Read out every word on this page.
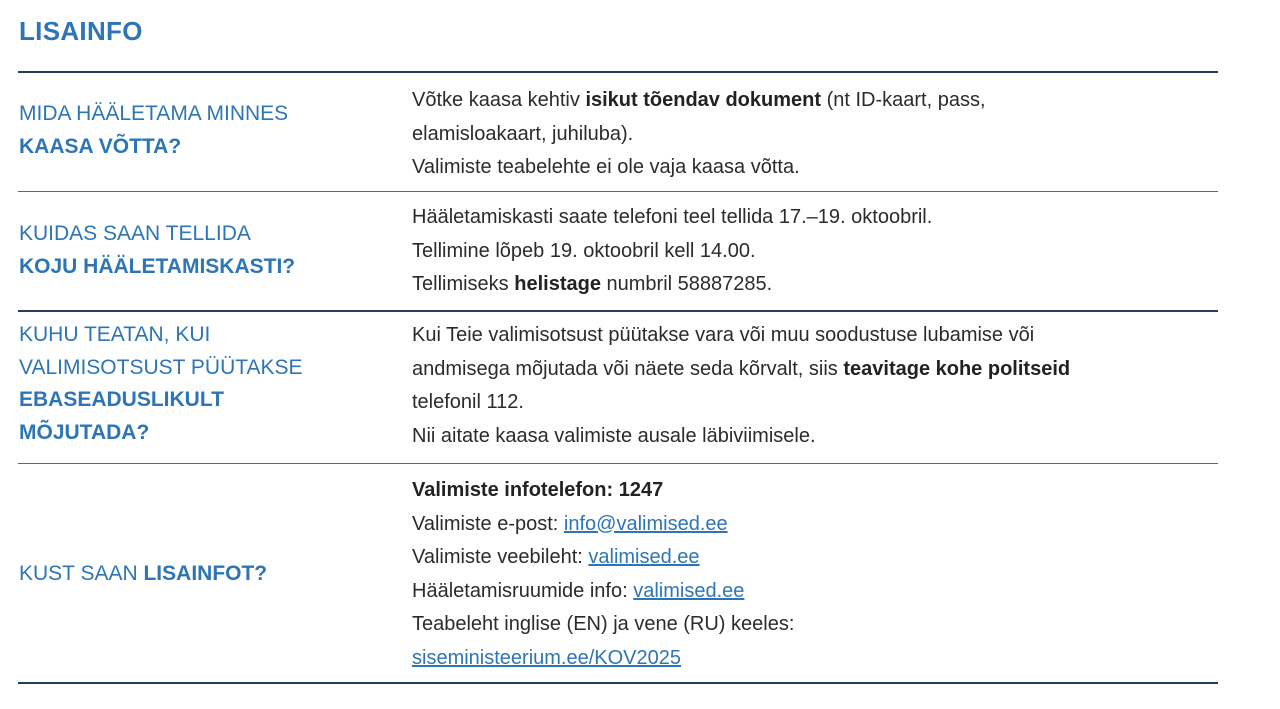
LISAINFO
MIDA HÄÄLETAMA MINNES
KAASA VÕTTA?
Võtke kaasa kehtiv isikut tõendav dokument (nt ID-kaart, pass,
elamisloakaart, juhiluba).
Valimiste teabelehte ei ole vaja kaasa võtta.
KUIDAS SAAN TELLIDA
KOJU HÄÄLETAMISKASTI?
Hääletamiskasti saate telefoni teel tellida 17.–19. oktoobril.
Tellimine lõpeb 19. oktoobril kell 14.00.
Tellimiseks helistage numbril 58887285.
KUHU TEATAN, KUI
VALIMISOTSUST PÜÜTAKSE
EBASEADUSLIKULT
MÕJUTADA?
Kui Teie valimisotsust püütakse vara või muu soodustuse lubamise või
andmisega mõjutada või näete seda kõrvalt, siis teavitage kohe politseid
telefonil 112.
Nii aitate kaasa valimiste ausale läbiviimisele.
KUST SAAN LISAINFOT?
Valimiste infotelefon: 1247
Valimiste e-post: info@valimised.ee
Valimiste veebileht: valimised.ee
Hääletamisruumide info: valimised.ee
Teabeleht inglise (EN) ja vene (RU) keeles:
siseministeerium.ee/KOV2025
